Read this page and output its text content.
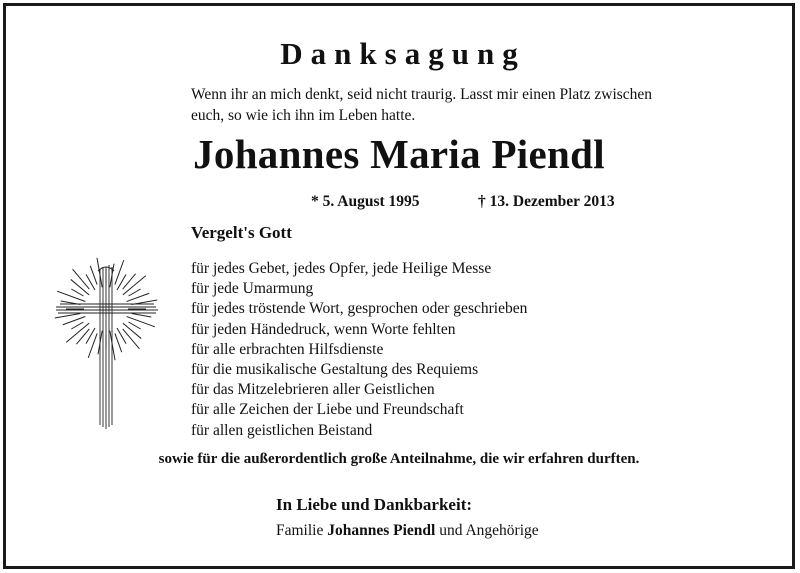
Danksagung
Wenn ihr an mich denkt, seid nicht traurig. Lasst mir einen Platz zwischen
euch, so wie ich ihn im Leben hatte.
Johannes Maria Piendl
* 5. August 1995	† 13. Dezember 2013
Vergelt's Gott
für jedes Gebet, jedes Opfer, jede Heilige Messe
für jede Umarmung
für jedes tröstende Wort, gesprochen oder geschrieben
für jeden Händedruck, wenn Worte fehlten
für alle erbrachten Hilfsdienste
für die musikalische Gestaltung des Requiems
für das Mitzelebrieren aller Geistlichen
für alle Zeichen der Liebe und Freundschaft
für allen geistlichen Beistand
sowie für die außerordentlich große Anteilnahme, die wir erfahren durften.
In Liebe und Dankbarkeit:
Familie Johannes Piendl und Angehörige
